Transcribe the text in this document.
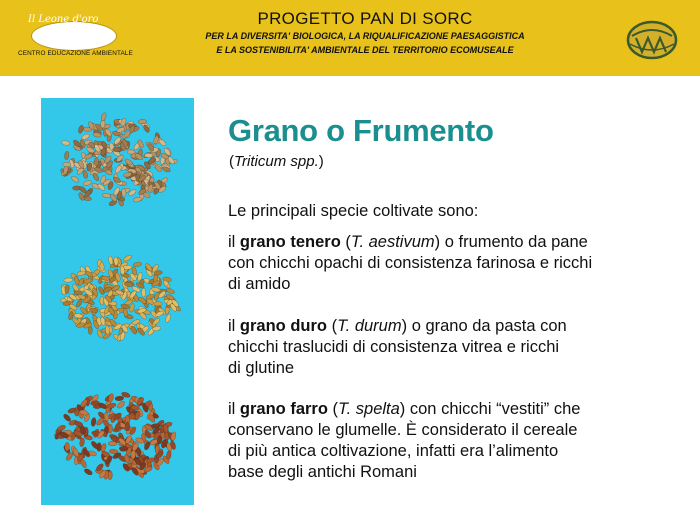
Il Leone d'oro
CENTRO EDUCAZIONE AMBIENTALE
PROGETTO PAN DI SORC
PER LA DIVERSITA' BIOLOGICA, LA RIQUALIFICAZIONE PAESAGGISTICA
E LA SOSTENIBILITA' AMBIENTALE DEL TERRITORIO ECOMUSEALE
Grano o Frumento
(Triticum spp.)
Le principali specie coltivate sono:
il grano tenero (T. aestivum) o frumento da pane
con chicchi opachi di consistenza farinosa e ricchi
di amido
il grano duro (T. durum) o grano da pasta con
chicchi traslucidi di consistenza vitrea e ricchi
di glutine
il grano farro (T. spelta) con chicchi “vestiti” che
conservano le glumelle. È considerato il cereale
di più antica coltivazione, infatti era l’alimento
base degli antichi Romani
